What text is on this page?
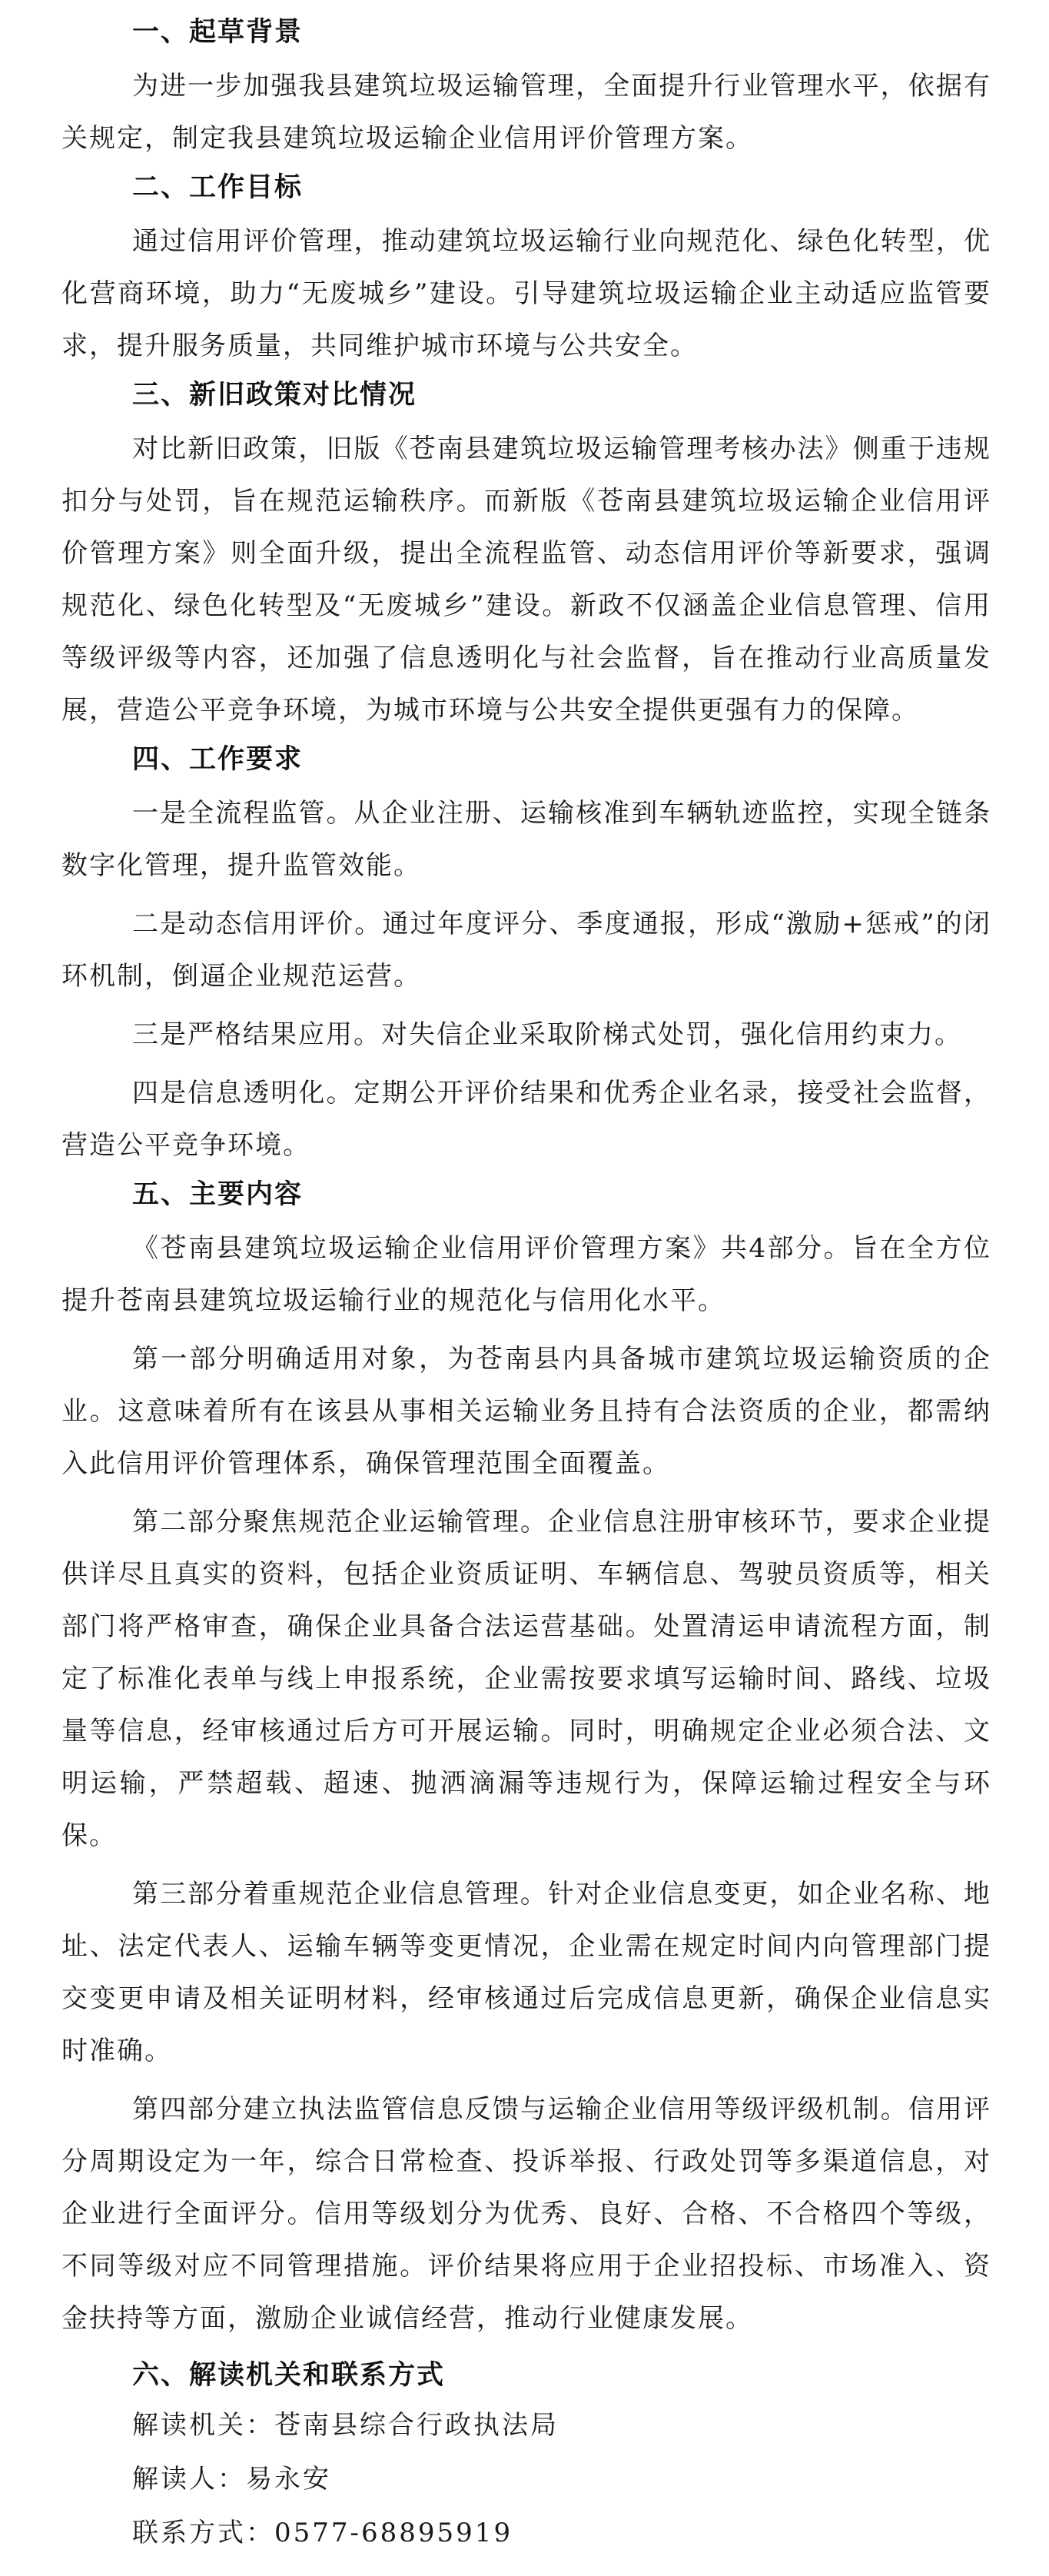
一、起草背景

为进一步加强我县建筑垃圾运输管理，全面提升行业管理水平，依据有关规定，制定我县建筑垃圾运输企业信用评价管理方案。

二、工作目标

通过信用评价管理，推动建筑垃圾运输行业向规范化、绿色化转型，优化营商环境，助力“无废城乡”建设。引导建筑垃圾运输企业主动适应监管要求，提升服务质量，共同维护城市环境与公共安全。

三、新旧政策对比情况

对比新旧政策，旧版《苍南县建筑垃圾运输管理考核办法》侧重于违规扣分与处罚，旨在规范运输秩序。而新版《苍南县建筑垃圾运输企业信用评价管理方案》则全面升级，提出全流程监管、动态信用评价等新要求，强调规范化、绿色化转型及“无废城乡”建设。新政不仅涵盖企业信息管理、信用等级评级等内容，还加强了信息透明化与社会监督，旨在推动行业高质量发展，营造公平竞争环境，为城市环境与公共安全提供更强有力的保障。

四、工作要求

一是全流程监管。从企业注册、运输核准到车辆轨迹监控，实现全链条数字化管理，提升监管效能。

二是动态信用评价。通过年度评分、季度通报，形成“激励+惩戒”的闭环机制，倒逼企业规范运营。

三是严格结果应用。对失信企业采取阶梯式处罚，强化信用约束力。

四是信息透明化。定期公开评价结果和优秀企业名录，接受社会监督，营造公平竞争环境。

五、主要内容

《苍南县建筑垃圾运输企业信用评价管理方案》共4部分。旨在全方位提升苍南县建筑垃圾运输行业的规范化与信用化水平。

第一部分明确适用对象，为苍南县内具备城市建筑垃圾运输资质的企业。这意味着所有在该县从事相关运输业务且持有合法资质的企业，都需纳入此信用评价管理体系，确保管理范围全面覆盖。

第二部分聚焦规范企业运输管理。企业信息注册审核环节，要求企业提供详尽且真实的资料，包括企业资质证明、车辆信息、驾驶员资质等，相关部门将严格审查，确保企业具备合法运营基础。处置清运申请流程方面，制定了标准化表单与线上申报系统，企业需按要求填写运输时间、路线、垃圾量等信息，经审核通过后方可开展运输。同时，明确规定企业必须合法、文明运输，严禁超载、超速、抛洒滴漏等违规行为，保障运输过程安全与环保。

第三部分着重规范企业信息管理。针对企业信息变更，如企业名称、地址、法定代表人、运输车辆等变更情况，企业需在规定时间内向管理部门提交变更申请及相关证明材料，经审核通过后完成信息更新，确保企业信息实时准确。

第四部分建立执法监管信息反馈与运输企业信用等级评级机制。信用评分周期设定为一年，综合日常检查、投诉举报、行政处罚等多渠道信息，对企业进行全面评分。信用等级划分为优秀、良好、合格、不合格四个等级，不同等级对应不同管理措施。评价结果将应用于企业招投标、市场准入、资金扶持等方面，激励企业诚信经营，推动行业健康发展。

六、解读机关和联系方式

解读机关：苍南县综合行政执法局

解读人：易永安

联系方式：0577-68895919
